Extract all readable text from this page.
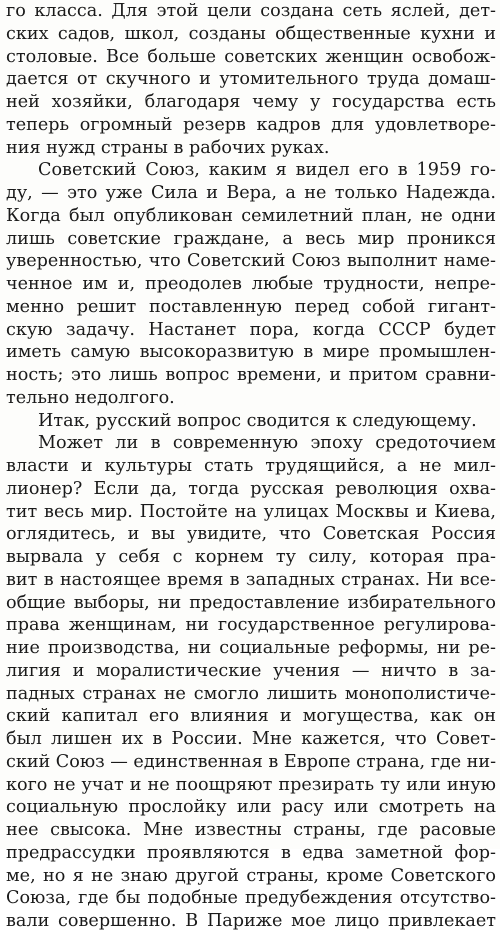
го класса. Для этой цели создана сеть яслей, дет-
ских садов, школ, созданы общественные кухни и
столовые. Все больше советских женщин освобож-
дается от скучного и утомительного труда домаш-
ней хозяйки, благодаря чему у государства есть
теперь огромный резерв кадров для удовлетворе-
ния нужд страны в рабочих руках.
Советский Союз, каким я видел его в 1959 го-
ду, — это уже Сила и Вера, а не только Надежда.
Когда был опубликован семилетний план, не одни
лишь советские граждане, а весь мир проникся
уверенностью, что Советский Союз выполнит наме-
ченное им и, преодолев любые трудности, непре-
менно решит поставленную перед собой гигант-
скую задачу. Настанет пора, когда СССР будет
иметь самую высокоразвитую в мире промышлен-
ность; это лишь вопрос времени, и притом сравни-
тельно недолгого.
Итак, русский вопрос сводится к следующему.
Может ли в современную эпоху средоточием
власти и культуры стать трудящийся, а не мил-
лионер? Если да, тогда русская революция охва-
тит весь мир. Постойте на улицах Москвы и Киева,
оглядитесь, и вы увидите, что Советская Россия
вырвала у себя с корнем ту силу, которая пра-
вит в настоящее время в западных странах. Ни все-
общие выборы, ни предоставление избирательного
права женщинам, ни государственное регулирова-
ние производства, ни социальные реформы, ни ре-
лигия и моралистические учения — ничто в за-
падных странах не смогло лишить монополистиче-
ский капитал его влияния и могущества, как он
был лишен их в России. Мне кажется, что Совет-
ский Союз — единственная в Европе страна, где ни-
кого не учат и не поощряют презирать ту или иную
социальную прослойку или расу или смотреть на
нее свысока. Мне известны страны, где расовые
предрассудки проявляются в едва заметной фор-
ме, но я не знаю другой страны, кроме Советского
Союза, где бы подобные предубеждения отсутство-
вали совершенно. В Париже мое лицо привлекает
